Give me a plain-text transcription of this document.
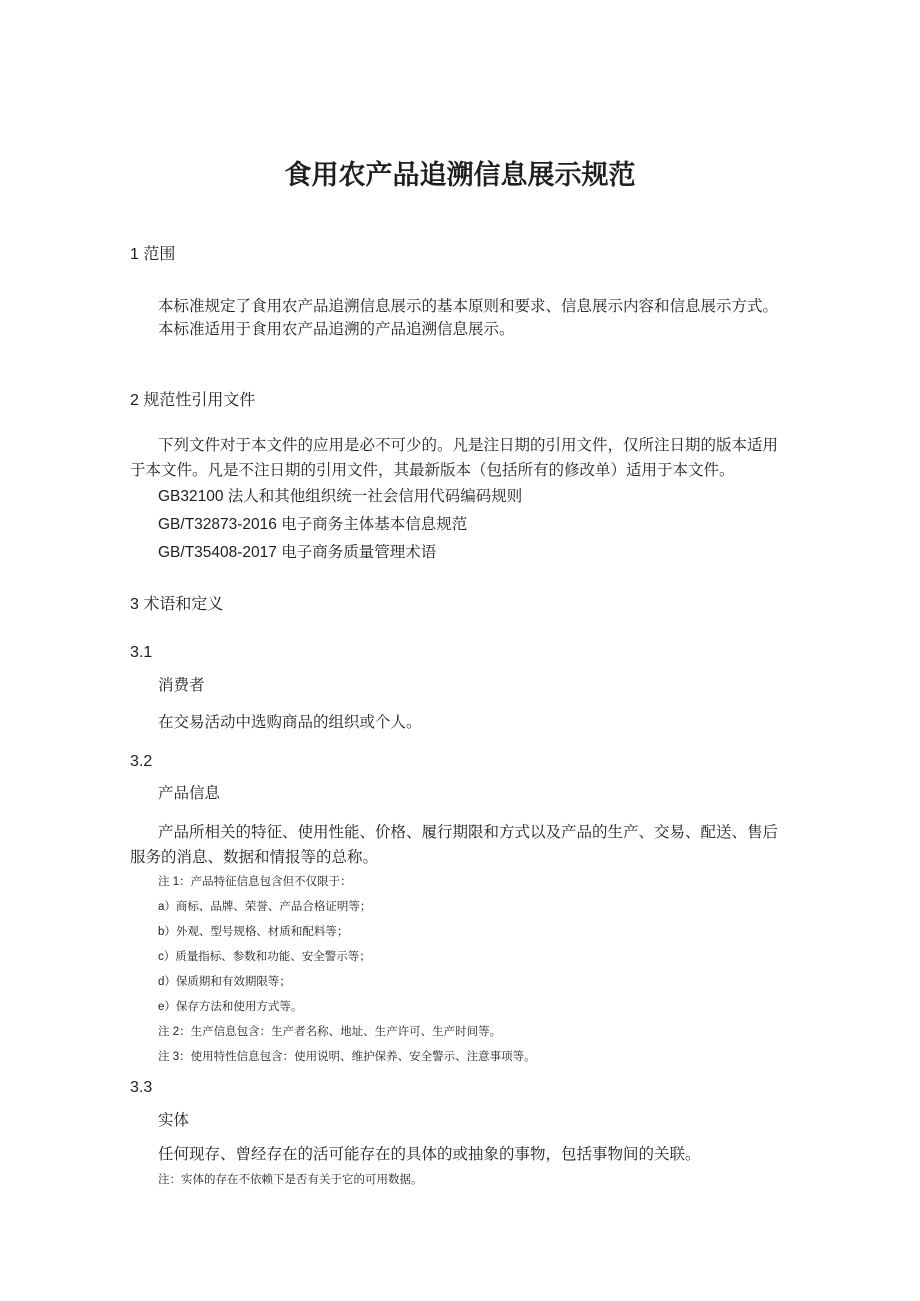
食用农产品追溯信息展示规范
1 范围

本标准规定了食用农产品追溯信息展示的基本原则和要求、信息展示内容和信息展示方式。

本标准适用于食用农产品追溯的产品追溯信息展示。

2 规范性引用文件

下列文件对于本文件的应用是必不可少的。凡是注日期的引用文件，仅所注日期的版本适用于本文件。凡是不注日期的引用文件，其最新版本（包括所有的修改单）适用于本文件。

GB32100 法人和其他组织统一社会信用代码编码规则

GB/T32873-2016 电子商务主体基本信息规范

GB/T35408-2017 电子商务质量管理术语

3 术语和定义

3.1

消费者

在交易活动中选购商品的组织或个人。

3.2

产品信息

产品所相关的特征、使用性能、价格、履行期限和方式以及产品的生产、交易、配送、售后服务的消息、数据和情报等的总称。

注 1：产品特征信息包含但不仅限于：

a）商标、品牌、荣誉、产品合格证明等；

b）外观、型号规格、材质和配料等；

c）质量指标、参数和功能、安全警示等；

d）保质期和有效期限等；

e）保存方法和使用方式等。

注 2：生产信息包含：生产者名称、地址、生产许可、生产时间等。

注 3：使用特性信息包含：使用说明、维护保养、安全警示、注意事项等。

3.3

实体

任何现存、曾经存在的活可能存在的具体的或抽象的事物，包括事物间的关联。

注：实体的存在不依赖下是否有关于它的可用数据。
